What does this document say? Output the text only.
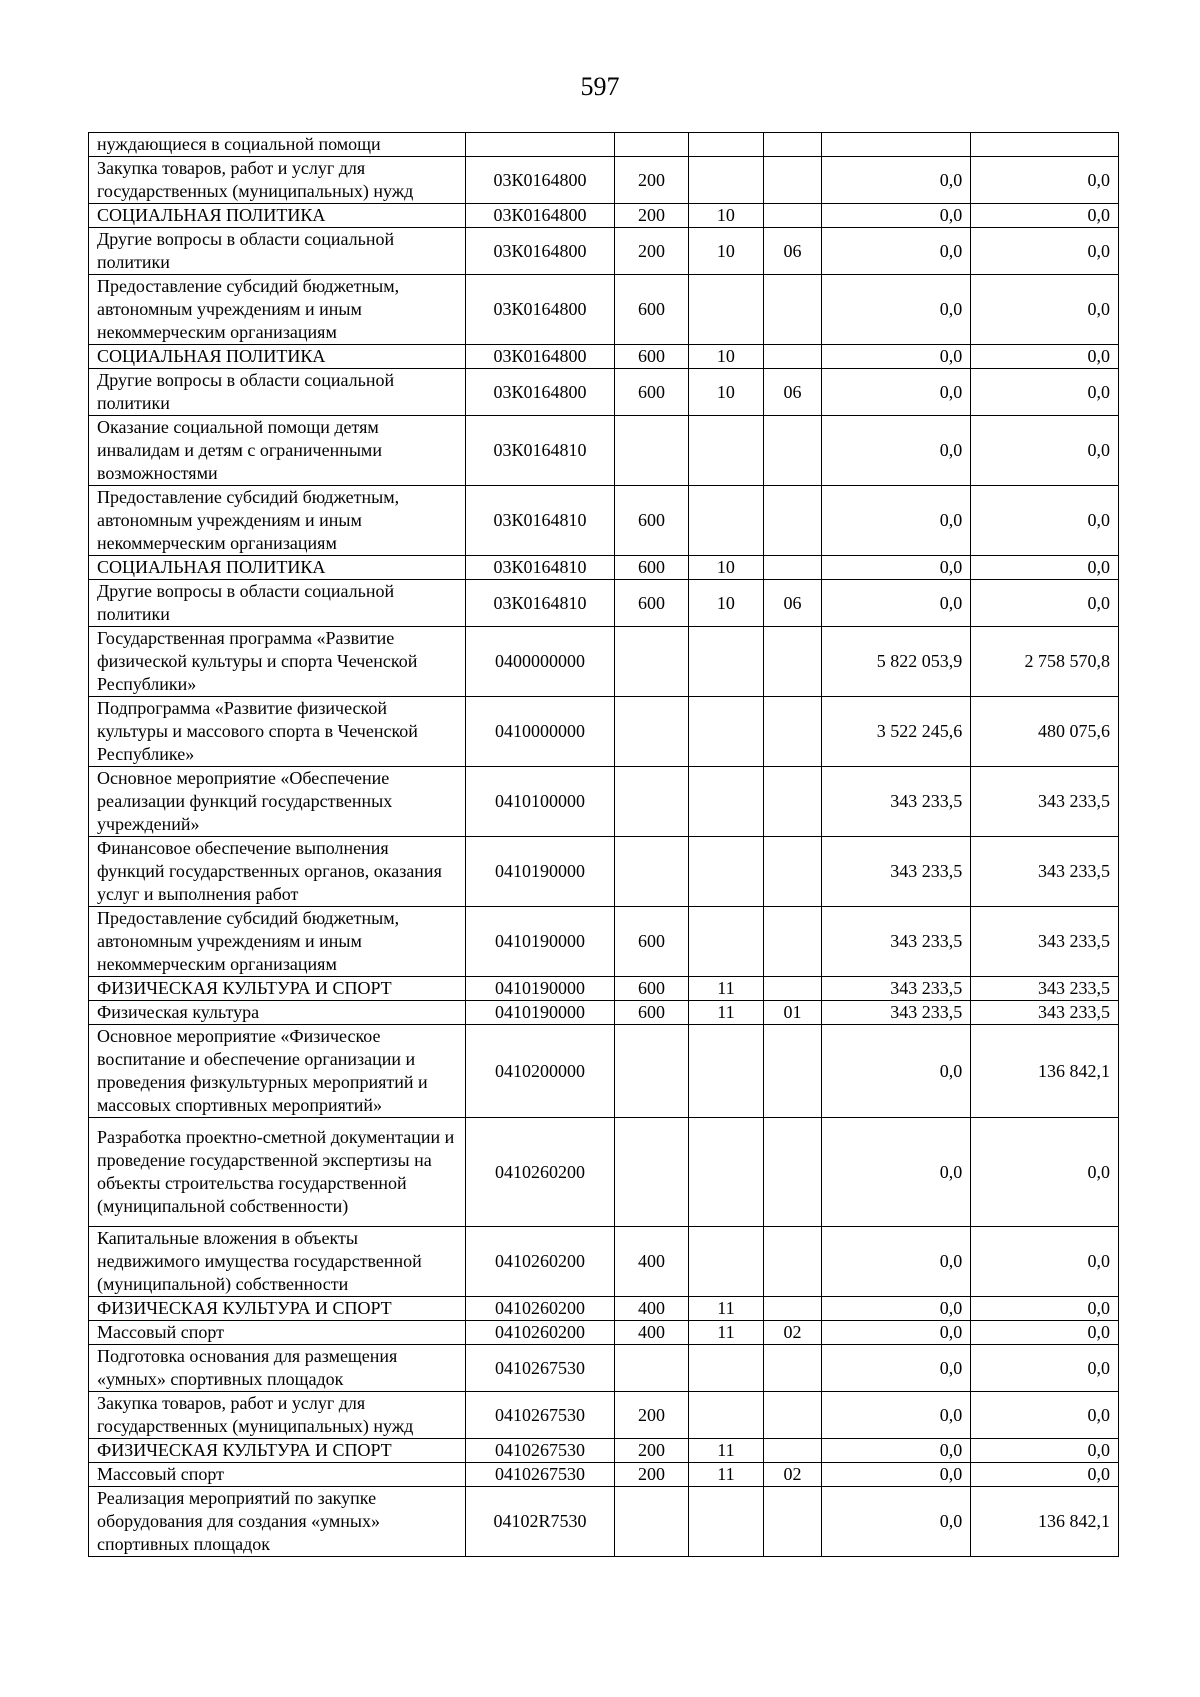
597
нуждающиеся в социальной помощи						
Закупка товаров, работ и услуг для государственных (муниципальных) нужд	03К0164800	200			0,0	0,0
СОЦИАЛЬНАЯ ПОЛИТИКА	03К0164800	200	10		0,0	0,0
Другие вопросы в области социальной политики	03К0164800	200	10	06	0,0	0,0
Предоставление субсидий бюджетным, автономным учреждениям и иным некоммерческим организациям	03К0164800	600			0,0	0,0
СОЦИАЛЬНАЯ ПОЛИТИКА	03К0164800	600	10		0,0	0,0
Другие вопросы в области социальной политики	03К0164800	600	10	06	0,0	0,0
Оказание социальной помощи детям инвалидам и детям с ограниченными возможностями	03К0164810				0,0	0,0
Предоставление субсидий бюджетным, автономным учреждениям и иным некоммерческим организациям	03К0164810	600			0,0	0,0
СОЦИАЛЬНАЯ ПОЛИТИКА	03К0164810	600	10		0,0	0,0
Другие вопросы в области социальной политики	03К0164810	600	10	06	0,0	0,0
Государственная программа «Развитие физической культуры и спорта Чеченской Республики»	0400000000				5 822 053,9	2 758 570,8
Подпрограмма «Развитие физической культуры и массового спорта в Чеченской Республике»	0410000000				3 522 245,6	480 075,6
Основное мероприятие «Обеспечение реализации функций государственных учреждений»	0410100000				343 233,5	343 233,5
Финансовое обеспечение выполнения функций государственных органов, оказания услуг и выполнения работ	0410190000				343 233,5	343 233,5
Предоставление субсидий бюджетным, автономным учреждениям и иным некоммерческим организациям	0410190000	600			343 233,5	343 233,5
ФИЗИЧЕСКАЯ КУЛЬТУРА И СПОРТ	0410190000	600	11		343 233,5	343 233,5
Физическая культура	0410190000	600	11	01	343 233,5	343 233,5
Основное мероприятие «Физическое воспитание и обеспечение организации и проведения физкультурных мероприятий и массовых спортивных мероприятий»	0410200000				0,0	136 842,1
Разработка проектно-сметной документации и проведение государственной экспертизы на объекты строительства государственной (муниципальной собственности)	0410260200				0,0	0,0
Капитальные вложения в объекты недвижимого имущества государственной (муниципальной) собственности	0410260200	400			0,0	0,0
ФИЗИЧЕСКАЯ КУЛЬТУРА И СПОРТ	0410260200	400	11		0,0	0,0
Массовый спорт	0410260200	400	11	02	0,0	0,0
Подготовка основания для размещения «умных» спортивных площадок	0410267530				0,0	0,0
Закупка товаров, работ и услуг для государственных (муниципальных) нужд	0410267530	200			0,0	0,0
ФИЗИЧЕСКАЯ КУЛЬТУРА И СПОРТ	0410267530	200	11		0,0	0,0
Массовый спорт	0410267530	200	11	02	0,0	0,0
Реализация мероприятий по закупке оборудования для создания «умных» спортивных площадок	04102R7530				0,0	136 842,1
